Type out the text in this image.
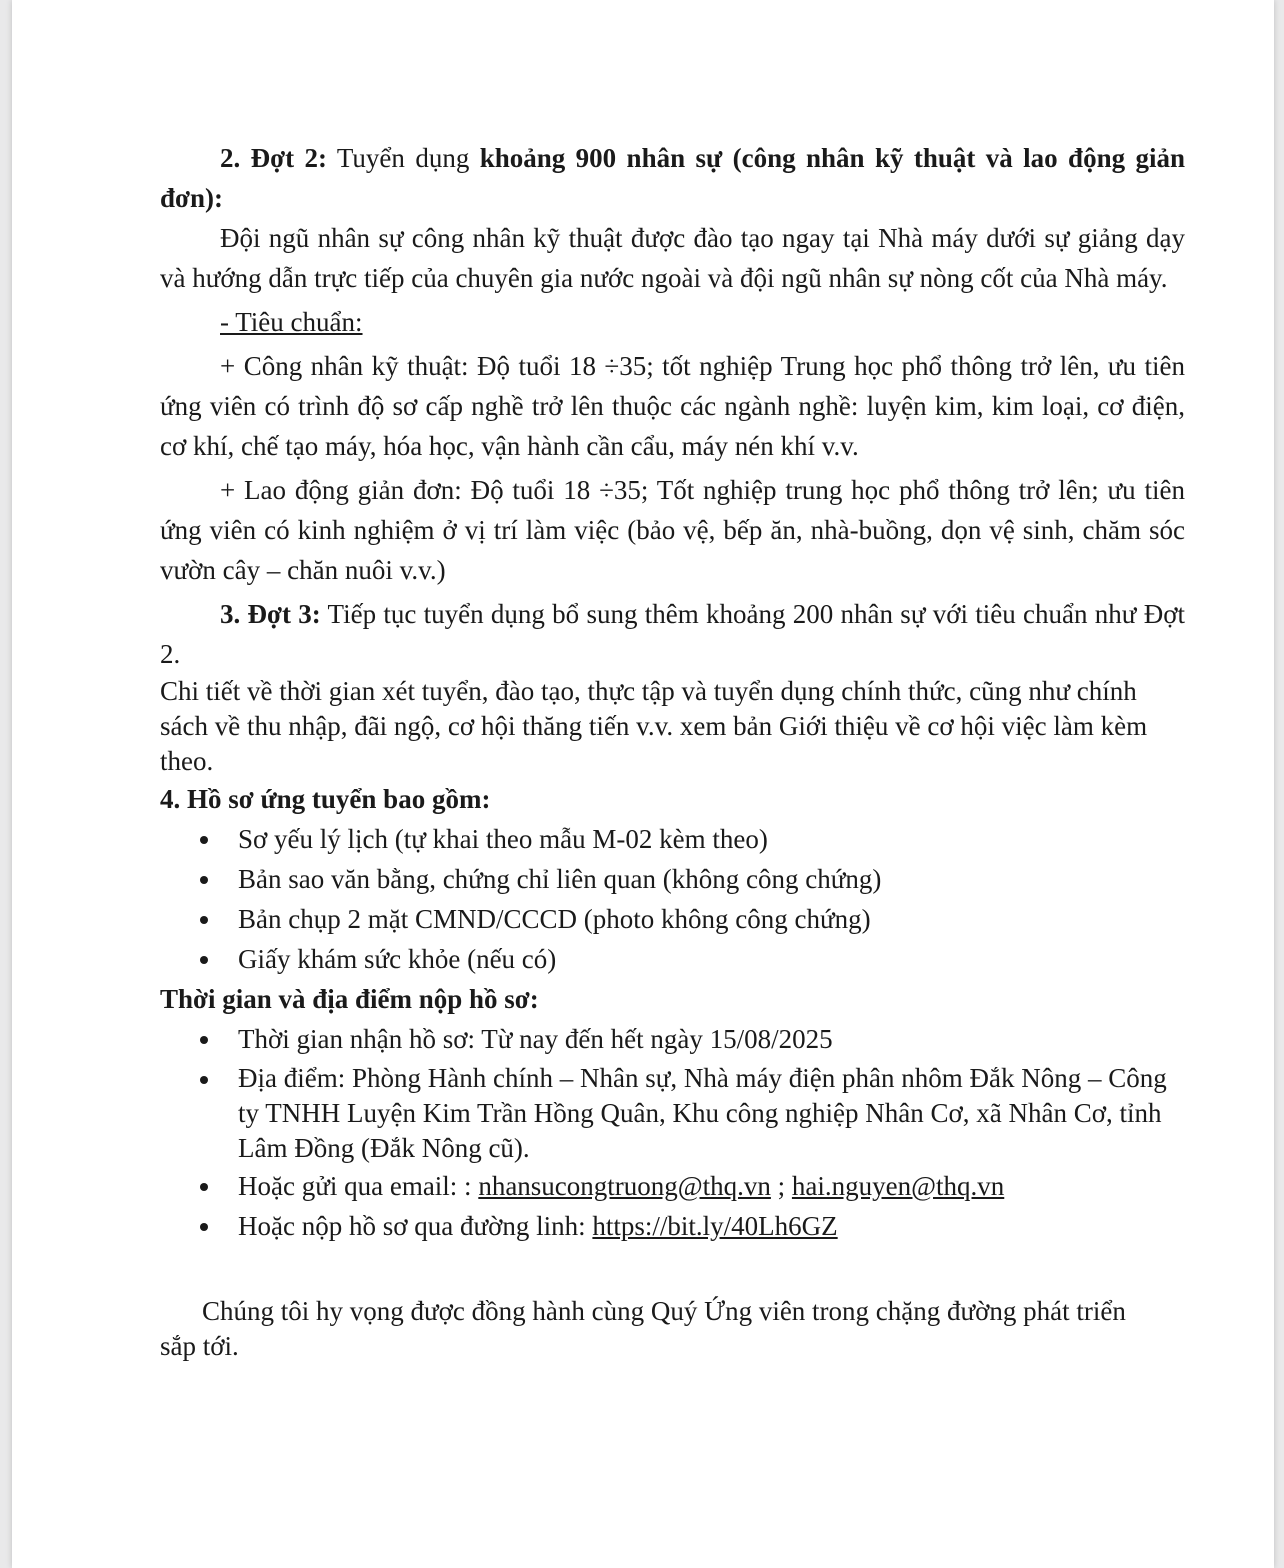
2. Đợt 2: Tuyển dụng khoảng 900 nhân sự (công nhân kỹ thuật và lao động giản đơn):

Đội ngũ nhân sự công nhân kỹ thuật được đào tạo ngay tại Nhà máy dưới sự giảng dạy và hướng dẫn trực tiếp của chuyên gia nước ngoài và đội ngũ nhân sự nòng cốt của Nhà máy.

- Tiêu chuẩn:

+ Công nhân kỹ thuật: Độ tuổi 18 ÷35; tốt nghiệp Trung học phổ thông trở lên, ưu tiên ứng viên có trình độ sơ cấp nghề trở lên thuộc các ngành nghề: luyện kim, kim loại, cơ điện, cơ khí, chế tạo máy, hóa học, vận hành cần cẩu, máy nén khí v.v.

+ Lao động giản đơn: Độ tuổi 18 ÷35; Tốt nghiệp trung học phổ thông trở lên; ưu tiên ứng viên có kinh nghiệm ở vị trí làm việc (bảo vệ, bếp ăn, nhà-buồng, dọn vệ sinh, chăm sóc vườn cây – chăn nuôi v.v.)

3. Đợt 3: Tiếp tục tuyển dụng bổ sung thêm khoảng 200 nhân sự với tiêu chuẩn như Đợt 2.

Chi tiết về thời gian xét tuyển, đào tạo, thực tập và tuyển dụng chính thức, cũng như chính sách về thu nhập, đãi ngộ, cơ hội thăng tiến v.v. xem bản Giới thiệu về cơ hội việc làm kèm theo.

4. Hồ sơ ứng tuyển bao gồm:

Sơ yếu lý lịch (tự khai theo mẫu M-02 kèm theo)
Bản sao văn bằng, chứng chỉ liên quan (không công chứng)
Bản chụp 2 mặt CMND/CCCD (photo không công chứng)
Giấy khám sức khỏe (nếu có)

Thời gian và địa điểm nộp hồ sơ:

Thời gian nhận hồ sơ: Từ nay đến hết ngày 15/08/2025
Địa điểm: Phòng Hành chính – Nhân sự, Nhà máy điện phân nhôm Đắk Nông – Công ty TNHH Luyện Kim Trần Hồng Quân, Khu công nghiệp Nhân Cơ, xã Nhân Cơ, tỉnh Lâm Đồng (Đắk Nông cũ).
Hoặc gửi qua email: : nhansucongtruong@thq.vn ; hai.nguyen@thq.vn
Hoặc nộp hồ sơ qua đường linh: https://bit.ly/40Lh6GZ

Chúng tôi hy vọng được đồng hành cùng Quý Ứng viên trong chặng đường phát triển sắp tới.
